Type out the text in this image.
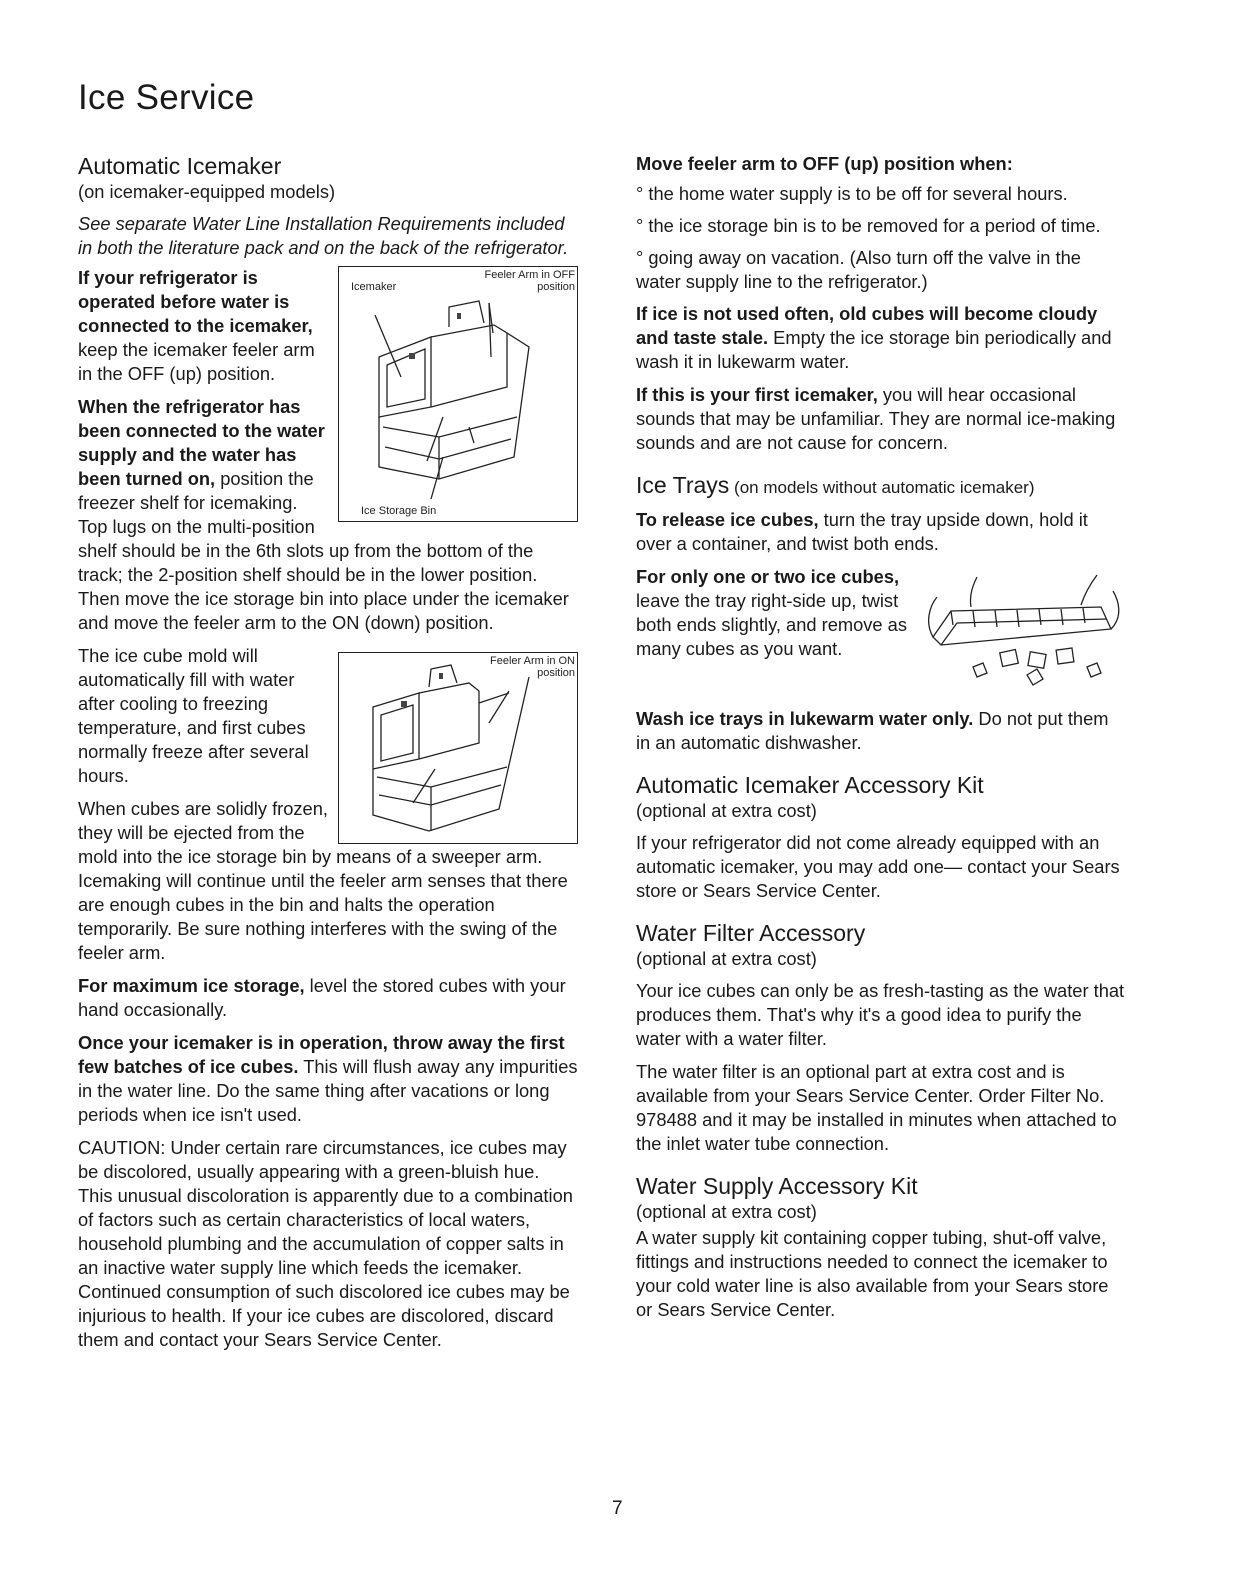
Ice Service
Automatic Icemaker

(on icemaker-equipped models)

See separate Water Line Installation Requirements included in both the literature pack and on the back of the refrigerator.

Icemaker
Feeler Arm in OFF position
Ice Storage Bin

If your refrigerator is operated before water is connected to the icemaker, keep the icemaker feeler arm in the OFF (up) position.

When the refrigerator has been connected to the water supply and the water has been turned on, position the freezer shelf for icemaking. Top lugs on the multi-position shelf should be in the 6th slots up from the bottom of the track; the 2-position shelf should be in the lower position. Then move the ice storage bin into place under the icemaker and move the feeler arm to the ON (down) position.

Feeler Arm in ON position

The ice cube mold will automatically fill with water after cooling to freezing temperature, and first cubes normally freeze after several hours.

When cubes are solidly frozen, they will be ejected from the mold into the ice storage bin by means of a sweeper arm. Icemaking will continue until the feeler arm senses that there are enough cubes in the bin and halts the operation temporarily. Be sure nothing interferes with the swing of the feeler arm.

For maximum ice storage, level the stored cubes with your hand occasionally.

Once your icemaker is in operation, throw away the first few batches of ice cubes. This will flush away any impurities in the water line. Do the same thing after vacations or long periods when ice isn't used.

CAUTION: Under certain rare circumstances, ice cubes may be discolored, usually appearing with a green-bluish hue. This unusual discoloration is apparently due to a combination of factors such as certain characteristics of local waters, household plumbing and the accumulation of copper salts in an inactive water supply line which feeds the icemaker. Continued consumption of such discolored ice cubes may be injurious to health. If your ice cubes are discolored, discard them and contact your Sears Service Center.

Move feeler arm to OFF (up) position when:

° the home water supply is to be off for several hours.

° the ice storage bin is to be removed for a period of time.

° going away on vacation. (Also turn off the valve in the water supply line to the refrigerator.)

If ice is not used often, old cubes will become cloudy and taste stale. Empty the ice storage bin periodically and wash it in lukewarm water.

If this is your first icemaker, you will hear occasional sounds that may be unfamiliar. They are normal ice-making sounds and are not cause for concern.

Ice Trays (on models without automatic icemaker)

To release ice cubes, turn the tray upside down, hold it over a container, and twist both ends.

For only one or two ice cubes, leave the tray right-side up, twist both ends slightly, and remove as many cubes as you want.

Wash ice trays in lukewarm water only. Do not put them in an automatic dishwasher.

Automatic Icemaker Accessory Kit

(optional at extra cost)

If your refrigerator did not come already equipped with an automatic icemaker, you may add one— contact your Sears store or Sears Service Center.

Water Filter Accessory

(optional at extra cost)

Your ice cubes can only be as fresh-tasting as the water that produces them. That's why it's a good idea to purify the water with a water filter.

The water filter is an optional part at extra cost and is available from your Sears Service Center. Order Filter No. 978488 and it may be installed in minutes when attached to the inlet water tube connection.

Water Supply Accessory Kit

(optional at extra cost)

A water supply kit containing copper tubing, shut-off valve, fittings and instructions needed to connect the icemaker to your cold water line is also available from your Sears store or Sears Service Center.

7
